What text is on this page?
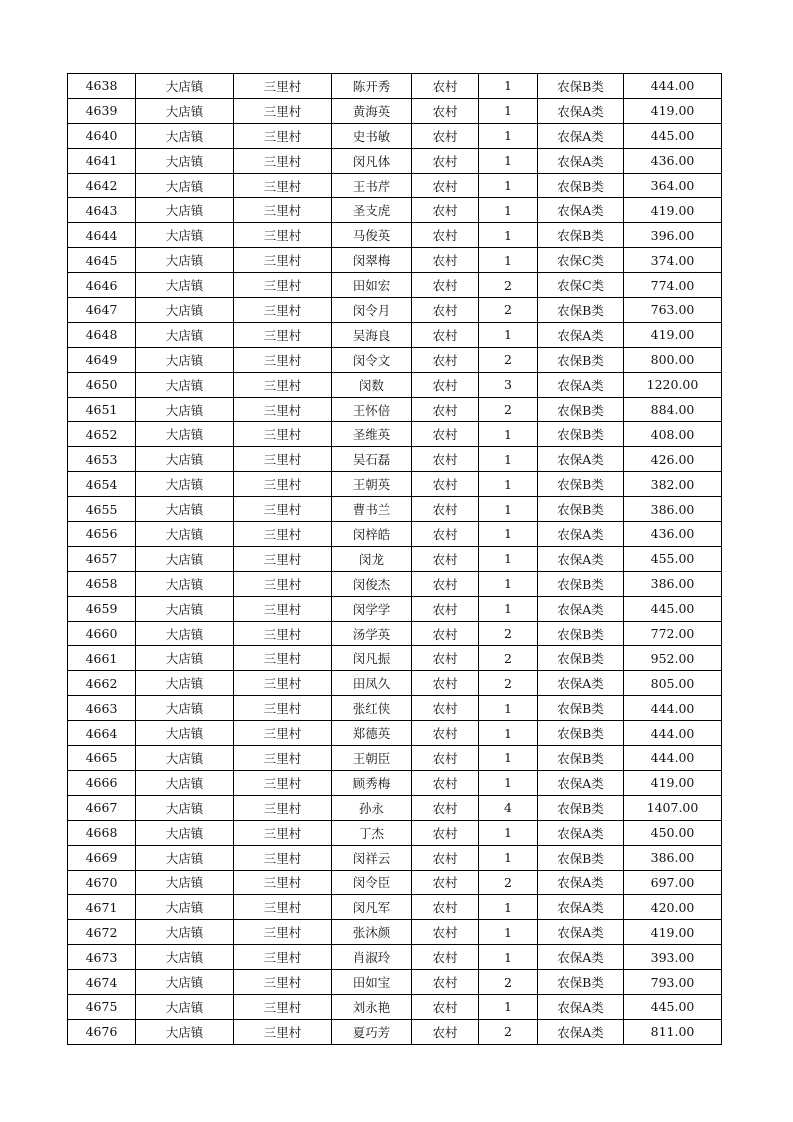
4638	大店镇	三里村	陈开秀	农村	1	农保B类	444.00
4639	大店镇	三里村	黄海英	农村	1	农保A类	419.00
4640	大店镇	三里村	史书敏	农村	1	农保A类	445.00
4641	大店镇	三里村	闵凡体	农村	1	农保A类	436.00
4642	大店镇	三里村	王书芹	农村	1	农保B类	364.00
4643	大店镇	三里村	圣支虎	农村	1	农保A类	419.00
4644	大店镇	三里村	马俊英	农村	1	农保B类	396.00
4645	大店镇	三里村	闵翠梅	农村	1	农保C类	374.00
4646	大店镇	三里村	田如宏	农村	2	农保C类	774.00
4647	大店镇	三里村	闵令月	农村	2	农保B类	763.00
4648	大店镇	三里村	吴海良	农村	1	农保A类	419.00
4649	大店镇	三里村	闵令文	农村	2	农保B类	800.00
4650	大店镇	三里村	闵数	农村	3	农保A类	1220.00
4651	大店镇	三里村	王怀倍	农村	2	农保B类	884.00
4652	大店镇	三里村	圣维英	农村	1	农保B类	408.00
4653	大店镇	三里村	吴石磊	农村	1	农保A类	426.00
4654	大店镇	三里村	王朝英	农村	1	农保B类	382.00
4655	大店镇	三里村	曹书兰	农村	1	农保B类	386.00
4656	大店镇	三里村	闵梓皓	农村	1	农保A类	436.00
4657	大店镇	三里村	闵龙	农村	1	农保A类	455.00
4658	大店镇	三里村	闵俊杰	农村	1	农保B类	386.00
4659	大店镇	三里村	闵学学	农村	1	农保A类	445.00
4660	大店镇	三里村	汤学英	农村	2	农保B类	772.00
4661	大店镇	三里村	闵凡振	农村	2	农保B类	952.00
4662	大店镇	三里村	田凤久	农村	2	农保A类	805.00
4663	大店镇	三里村	张红侠	农村	1	农保B类	444.00
4664	大店镇	三里村	郑德英	农村	1	农保B类	444.00
4665	大店镇	三里村	王朝臣	农村	1	农保B类	444.00
4666	大店镇	三里村	顾秀梅	农村	1	农保A类	419.00
4667	大店镇	三里村	孙永	农村	4	农保B类	1407.00
4668	大店镇	三里村	丁杰	农村	1	农保A类	450.00
4669	大店镇	三里村	闵祥云	农村	1	农保B类	386.00
4670	大店镇	三里村	闵令臣	农村	2	农保A类	697.00
4671	大店镇	三里村	闵凡军	农村	1	农保A类	420.00
4672	大店镇	三里村	张沐颜	农村	1	农保A类	419.00
4673	大店镇	三里村	肖淑玲	农村	1	农保A类	393.00
4674	大店镇	三里村	田如宝	农村	2	农保B类	793.00
4675	大店镇	三里村	刘永艳	农村	1	农保A类	445.00
4676	大店镇	三里村	夏巧芳	农村	2	农保A类	811.00
